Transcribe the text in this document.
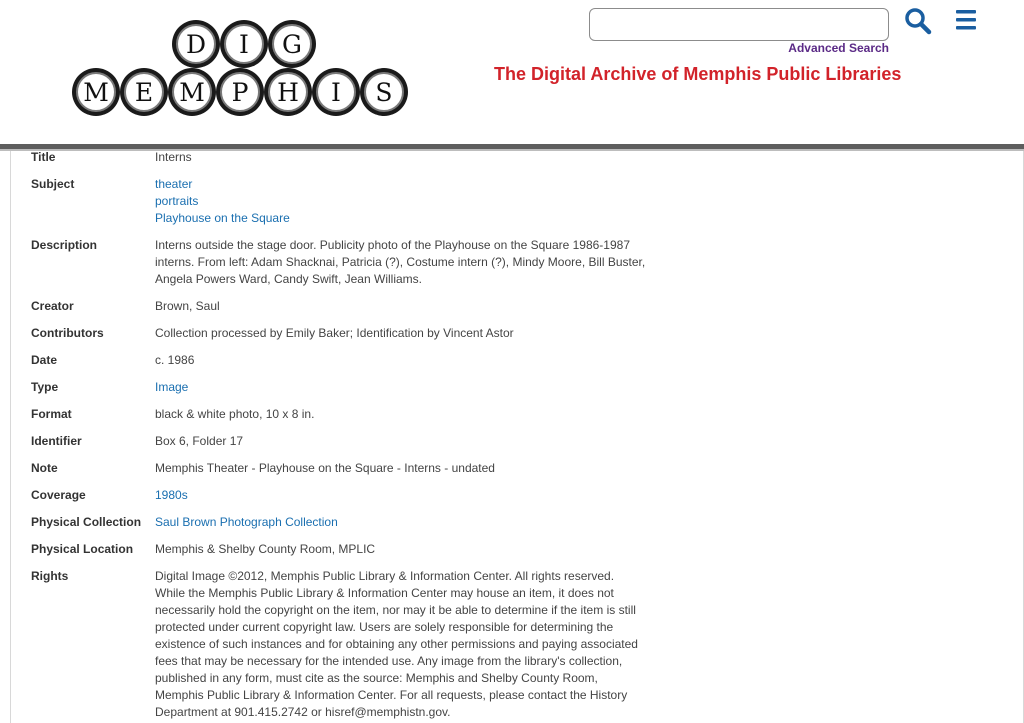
D	I	G
M	E	M	P	H	I	S
Advanced Search
The Digital Archive of Memphis Public Libraries
Title	Interns
Subject	theater
portraits
Playhouse on the Square
Description	Interns outside the stage door. Publicity photo of the Playhouse on the Square 1986-1987
interns. From left: Adam Shacknai, Patricia (?), Costume intern (?), Mindy Moore, Bill Buster,
Angela Powers Ward, Candy Swift, Jean Williams.
Creator	Brown, Saul
Contributors	Collection processed by Emily Baker; Identification by Vincent Astor
Date	c. 1986
Type	Image
Format	black & white photo, 10 x 8 in.
Identifier	Box 6, Folder 17
Note	Memphis Theater - Playhouse on the Square - Interns - undated
Coverage	1980s
Physical Collection	Saul Brown Photograph Collection
Physical Location	Memphis & Shelby County Room, MPLIC
Rights	Digital Image ©2012, Memphis Public Library & Information Center. All rights reserved.
While the Memphis Public Library & Information Center may house an item, it does not
necessarily hold the copyright on the item, nor may it be able to determine if the item is still
protected under current copyright law. Users are solely responsible for determining the
existence of such instances and for obtaining any other permissions and paying associated
fees that may be necessary for the intended use. Any image from the library's collection,
published in any form, must cite as the source: Memphis and Shelby County Room,
Memphis Public Library & Information Center. For all requests, please contact the History
Department at 901.415.2742 or hisref@memphistn.gov.
